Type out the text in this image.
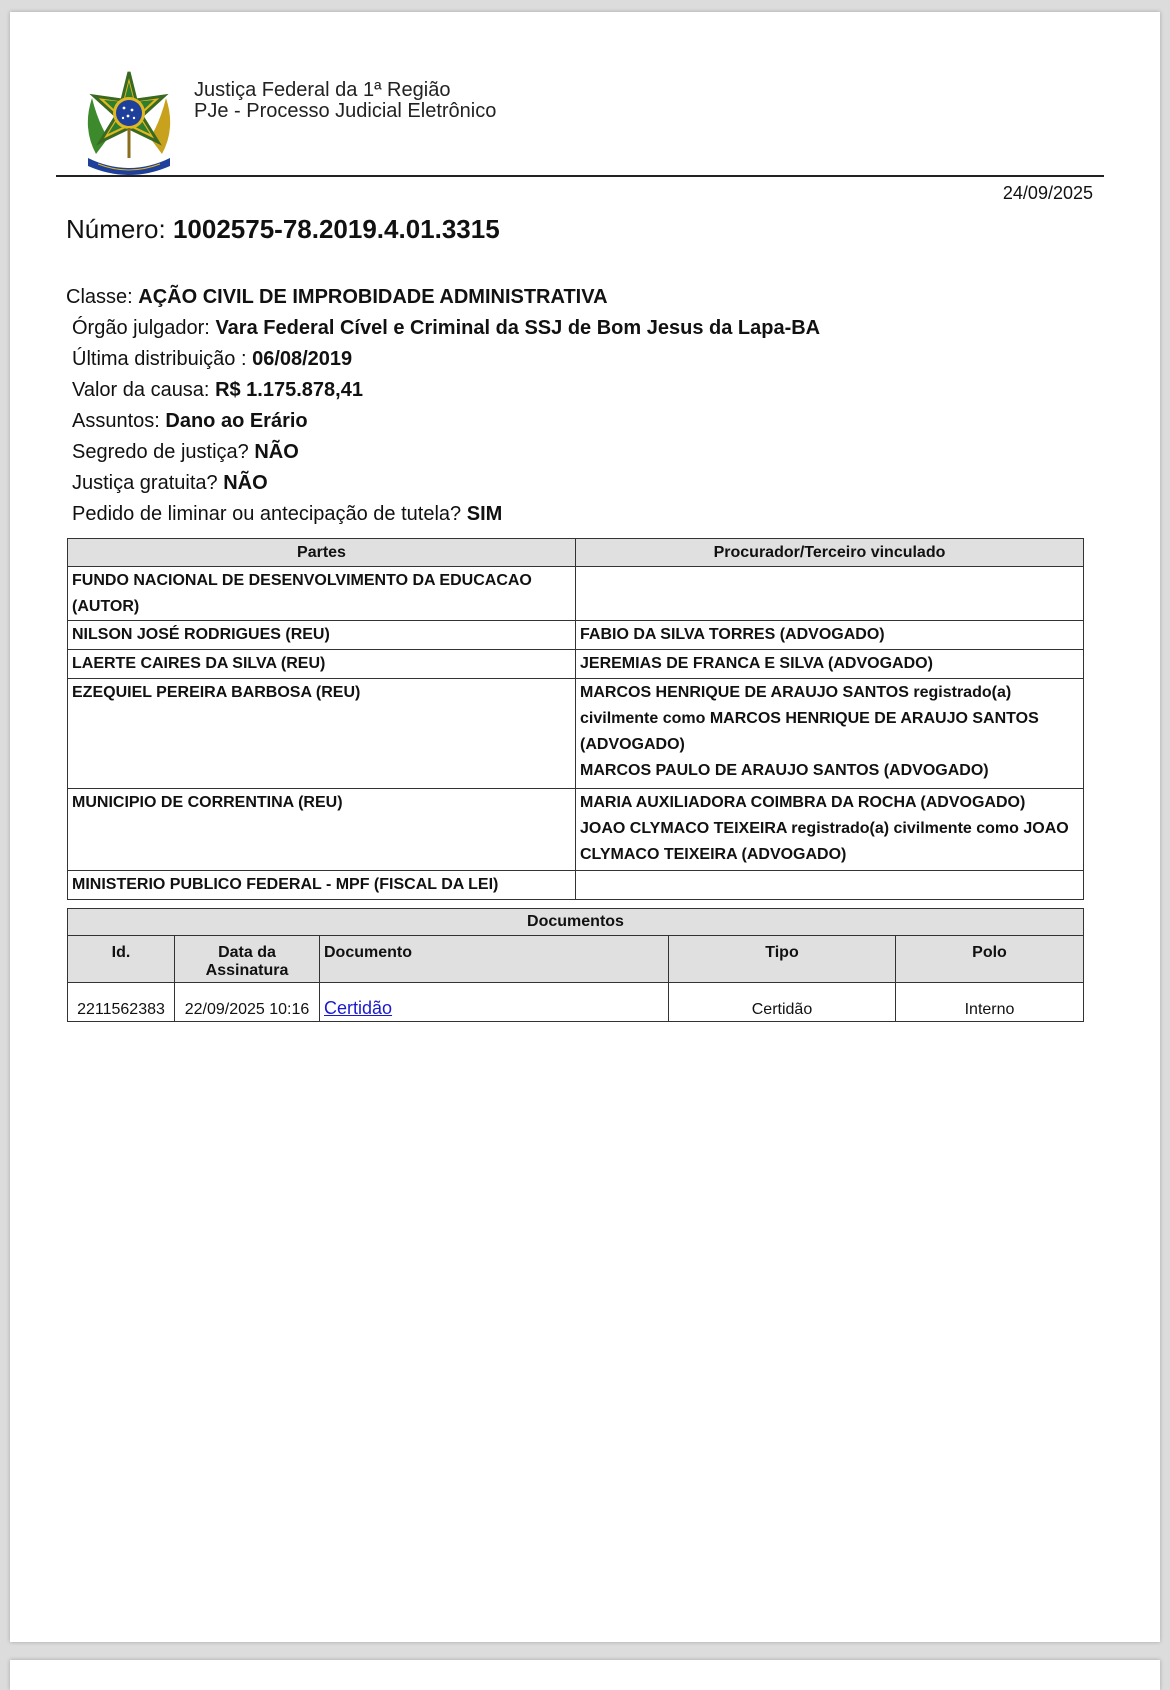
Justiça Federal da 1ª Região
PJe - Processo Judicial Eletrônico
24/09/2025
Número: 1002575-78.2019.4.01.3315
Classe: AÇÃO CIVIL DE IMPROBIDADE ADMINISTRATIVA
Órgão julgador: Vara Federal Cível e Criminal da SSJ de Bom Jesus da Lapa-BA
Última distribuição : 06/08/2019
Valor da causa: R$ 1.175.878,41
Assuntos: Dano ao Erário
Segredo de justiça? NÃO
Justiça gratuita? NÃO
Pedido de liminar ou antecipação de tutela? SIM
Partes	Procurador/Terceiro vinculado
FUNDO NACIONAL DE DESENVOLVIMENTO DA EDUCACAO (AUTOR)	
NILSON JOSÉ RODRIGUES (REU)	FABIO DA SILVA TORRES (ADVOGADO)
LAERTE CAIRES DA SILVA (REU)	JEREMIAS DE FRANCA E SILVA (ADVOGADO)
EZEQUIEL PEREIRA BARBOSA (REU)	MARCOS HENRIQUE DE ARAUJO SANTOS registrado(a) civilmente como MARCOS HENRIQUE DE ARAUJO SANTOS (ADVOGADO)
MARCOS PAULO DE ARAUJO SANTOS (ADVOGADO)

MUNICIPIO DE CORRENTINA (REU)	MARIA AUXILIADORA COIMBRA DA ROCHA (ADVOGADO)
JOAO CLYMACO TEIXEIRA registrado(a) civilmente como JOAO CLYMACO TEIXEIRA (ADVOGADO)

MINISTERIO PUBLICO FEDERAL - MPF (FISCAL DA LEI)	
Documentos				
Id.	Data da Assinatura	Documento	Tipo	Polo
2211562383	22/09/2025 10:16	Certidão	Certidão	Interno
